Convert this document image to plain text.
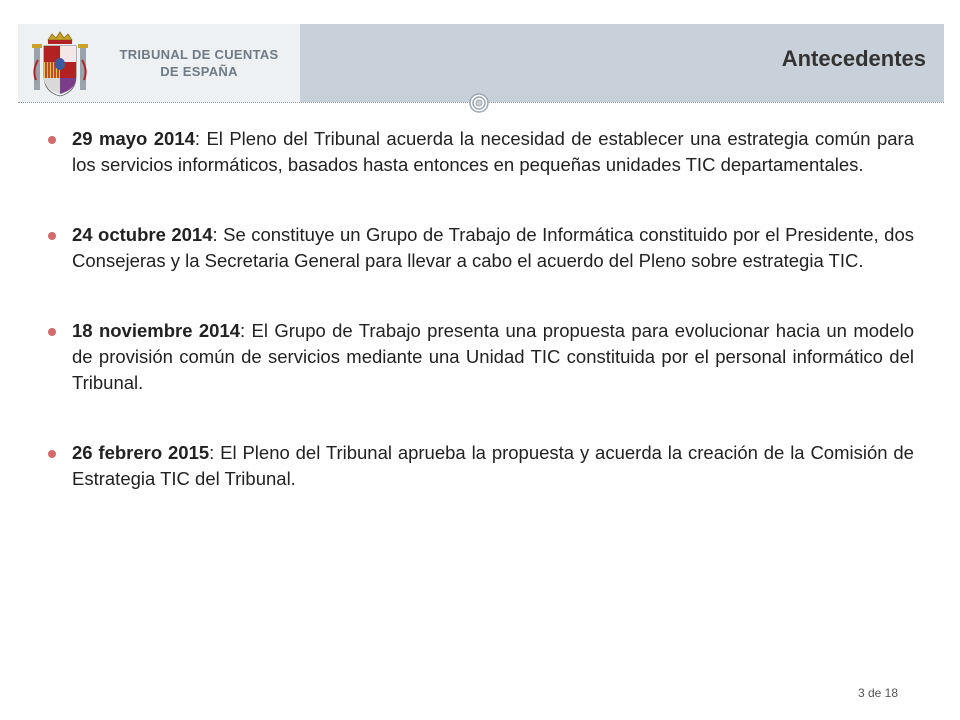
TRIBUNAL DE CUENTAS
DE ESPAÑA
Antecedentes
29 mayo 2014: El Pleno del Tribunal acuerda la necesidad de establecer una estrategia común para los servicios informáticos, basados hasta entonces en pequeñas unidades TIC departamentales.
24 octubre 2014: Se constituye un Grupo de Trabajo de Informática constituido por el Presidente, dos Consejeras y la Secretaria General para llevar a cabo el acuerdo del Pleno sobre estrategia TIC.
18 noviembre 2014: El Grupo de Trabajo presenta una propuesta para evolucionar hacia un modelo de provisión común de servicios mediante una Unidad TIC constituida por el personal informático del Tribunal.
26 febrero 2015: El Pleno del Tribunal aprueba la propuesta y acuerda la creación de la Comisión de Estrategia TIC del Tribunal.
3 de 18
